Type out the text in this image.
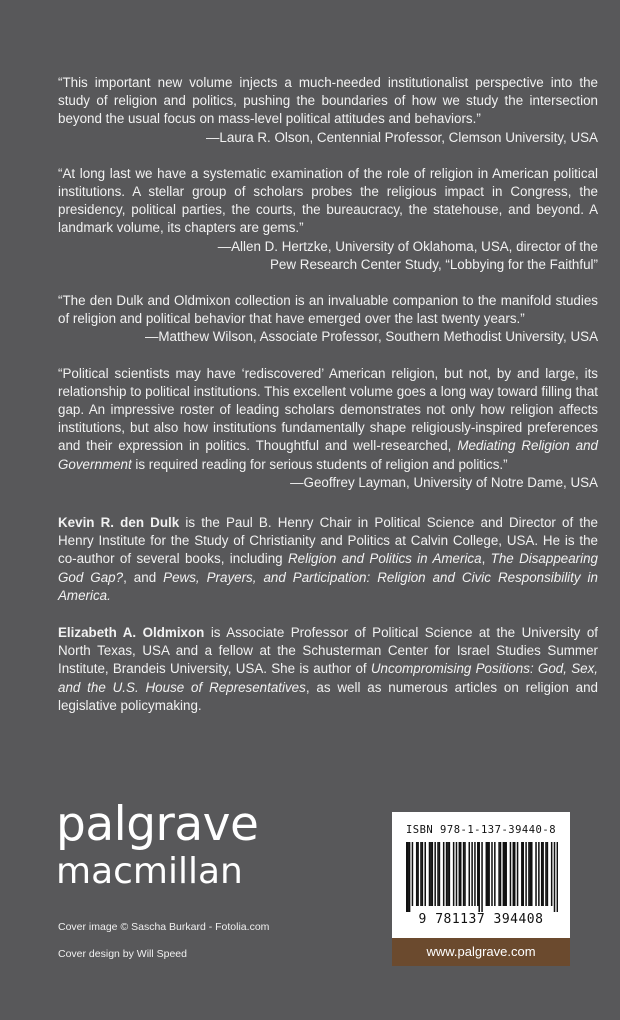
“This important new volume injects a much-needed institutionalist perspective into the study of religion and politics, pushing the boundaries of how we study the intersection beyond the usual focus on mass-level political attitudes and behaviors.”

—Laura R. Olson, Centennial Professor, Clemson University, USA

“At long last we have a systematic examination of the role of religion in American political institutions. A stellar group of scholars probes the religious impact in Congress, the presidency, political parties, the courts, the bureaucracy, the statehouse, and beyond. A landmark volume, its chapters are gems.”

—Allen D. Hertzke, University of Oklahoma, USA, director of the
Pew Research Center Study, “Lobbying for the Faithful”

“The den Dulk and Oldmixon collection is an invaluable companion to the manifold studies of religion and political behavior that have emerged over the last twenty years.”

—Matthew Wilson, Associate Professor, Southern Methodist University, USA

“Political scientists may have ‘rediscovered’ American religion, but not, by and large, its relationship to political institutions. This excellent volume goes a long way toward filling that gap. An impressive roster of leading scholars demonstrates not only how religion affects institutions, but also how institutions fundamentally shape religiously-inspired preferences and their expression in politics. Thoughtful and well-researched, Mediating Religion and Government is required reading for serious students of religion and politics.”

—Geoffrey Layman, University of Notre Dame, USA

Kevin R. den Dulk is the Paul B. Henry Chair in Political Science and Director of the Henry Institute for the Study of Christianity and Politics at Calvin College, USA. He is the co-author of several books, including Religion and Politics in America, The Disappearing God Gap?, and Pews, Prayers, and Participation: Religion and Civic Responsibility in America.

Elizabeth A. Oldmixon is Associate Professor of Political Science at the University of North Texas, USA and a fellow at the Schusterman Center for Israel Studies Summer Institute, Brandeis University, USA. She is author of Uncompromising Positions: God, Sex, and the U.S. House of Representatives, as well as numerous articles on religion and legislative policymaking.

palgrave
macmillan
Cover image © Sascha Burkard - Fotolia.com
Cover design by Will Speed
ISBN 978-1-137-39440-8
9 781137 394408
www.palgrave.com
